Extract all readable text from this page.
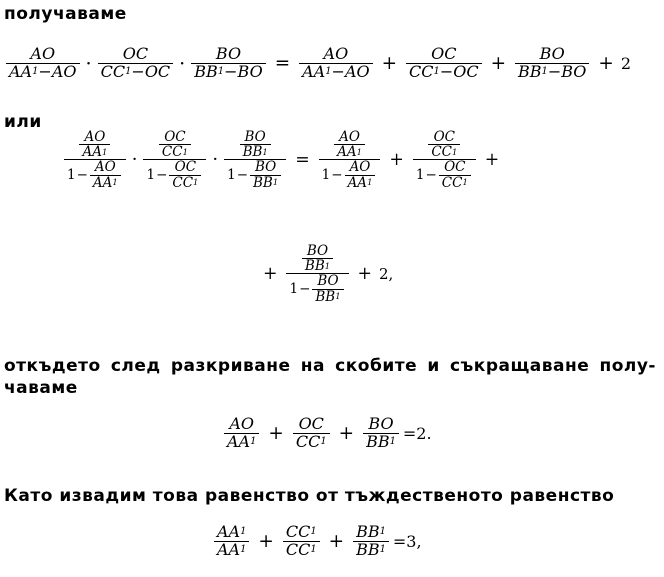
получаваме
$\frac{AO}{AA 1 - AO} \cdot \frac{OC}{CC 1 - OC} \cdot \frac{BO}{BB 1 - BO} = \frac{AO}{AA 1 - AO} + \frac{OC}{CC 1 - OC} + \frac{BO}{BB 1 - BO} + 2$
или
$\frac{\frac{AO}{AA 1}}{1 - \frac{AO}{AA 1}} \cdot \frac{\frac{OC}{CC 1}}{1 - \frac{OC}{CC 1}} \cdot \frac{\frac{BO}{BB 1}}{1 - \frac{BO}{BB 1}} = \frac{\frac{AO}{AA 1}}{1 - \frac{AO}{AA 1}} + \frac{\frac{OC}{CC 1}}{1 - \frac{OC}{CC 1}}$ +
+ $\frac{\frac{BO}{BB 1}}{1 - \frac{BO}{BB 1}} + 2$,
откъдето след разкриване на скобите и съкращаване полу-
чаваме
$\frac{AO}{AA 1} + \frac{OC}{CC 1} + \frac{BO}{BB 1} = 2$.
Като извадим това равенство от тъждественото равенство
$\frac{AA 1}{AA 1} + \frac{CC 1}{CC 1} + \frac{BB 1}{BB 1} = 3$,
